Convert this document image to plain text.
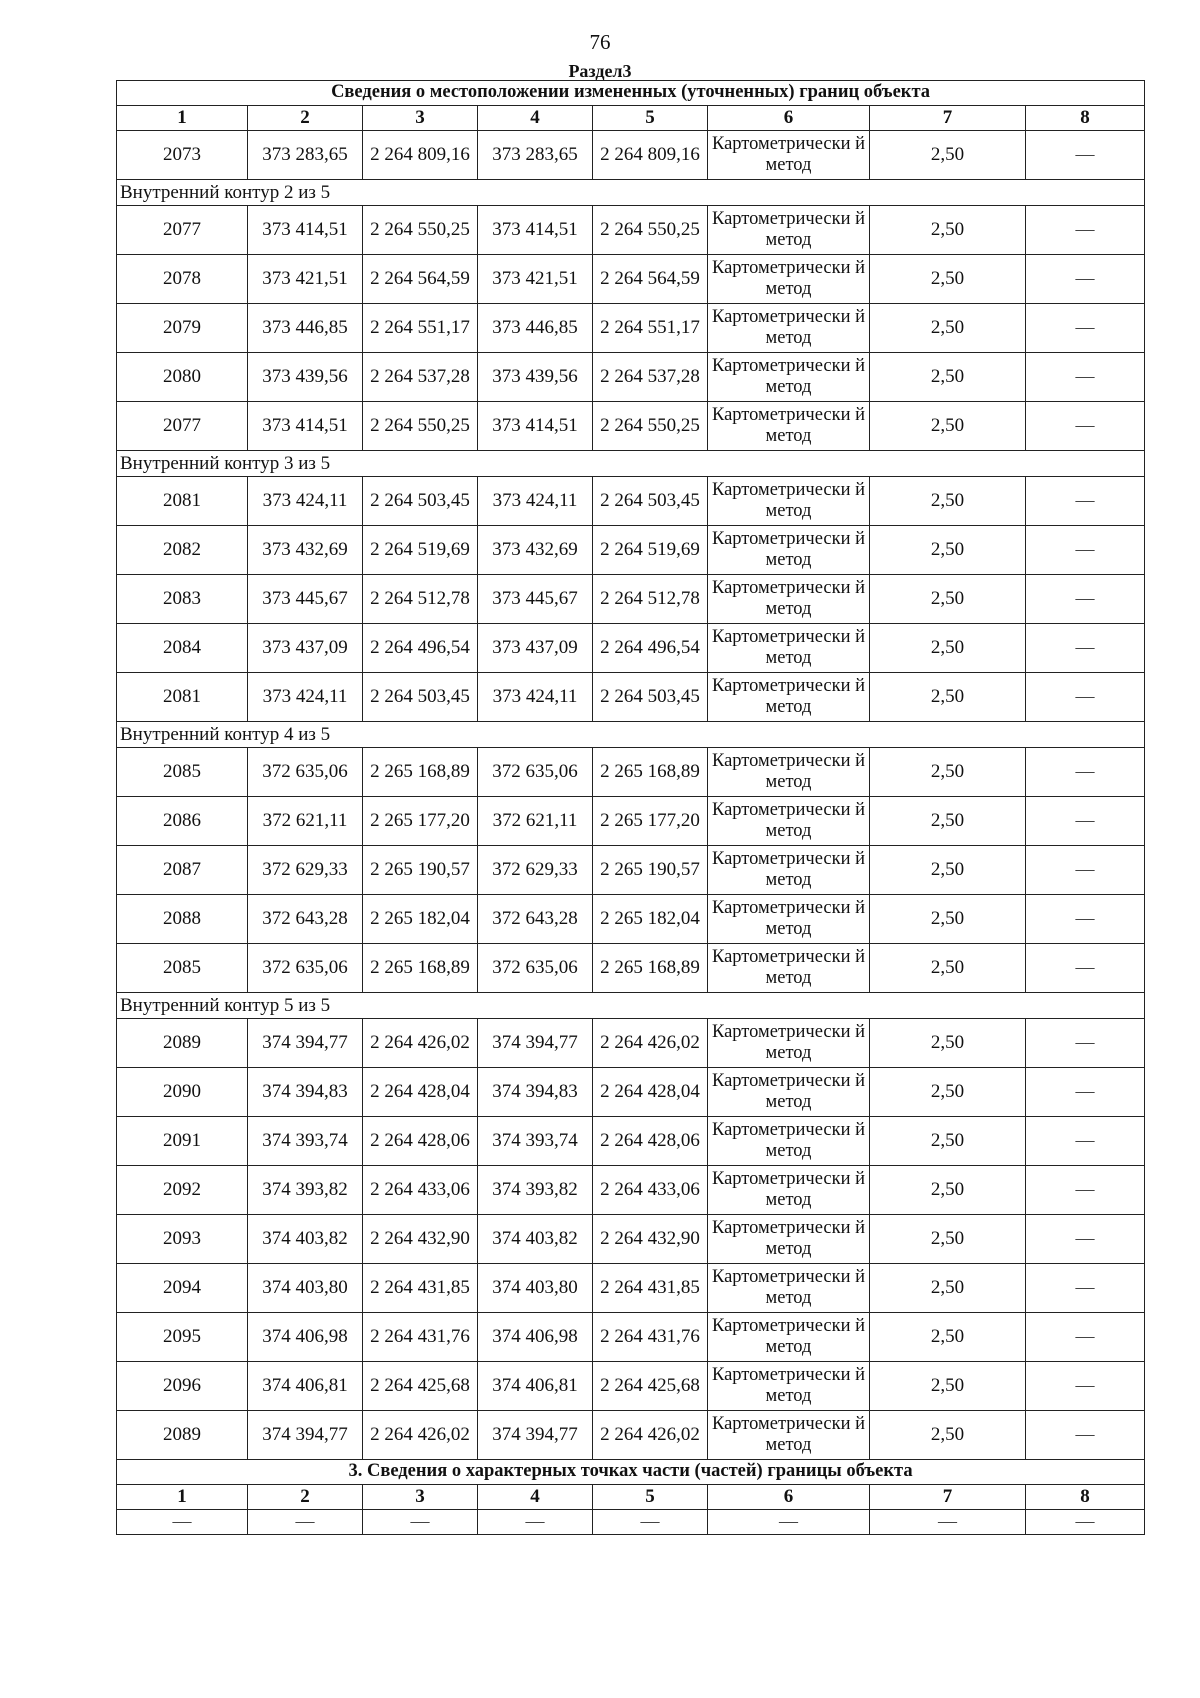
76
Раздел3
Сведения о местоположении измененных (уточненных) границ объекта							
1	2	3	4	5	6	7	8
2073	373 283,65	2 264 809,16	373 283,65	2 264 809,16	Картометрически й метод	2,50	—
Внутренний контур 2 из 5							
2077	373 414,51	2 264 550,25	373 414,51	2 264 550,25	Картометрически й метод	2,50	—
2078	373 421,51	2 264 564,59	373 421,51	2 264 564,59	Картометрически й метод	2,50	—
2079	373 446,85	2 264 551,17	373 446,85	2 264 551,17	Картометрически й метод	2,50	—
2080	373 439,56	2 264 537,28	373 439,56	2 264 537,28	Картометрически й метод	2,50	—
2077	373 414,51	2 264 550,25	373 414,51	2 264 550,25	Картометрически й метод	2,50	—
Внутренний контур 3 из 5							
2081	373 424,11	2 264 503,45	373 424,11	2 264 503,45	Картометрически й метод	2,50	—
2082	373 432,69	2 264 519,69	373 432,69	2 264 519,69	Картометрически й метод	2,50	—
2083	373 445,67	2 264 512,78	373 445,67	2 264 512,78	Картометрически й метод	2,50	—
2084	373 437,09	2 264 496,54	373 437,09	2 264 496,54	Картометрически й метод	2,50	—
2081	373 424,11	2 264 503,45	373 424,11	2 264 503,45	Картометрически й метод	2,50	—
Внутренний контур 4 из 5							
2085	372 635,06	2 265 168,89	372 635,06	2 265 168,89	Картометрически й метод	2,50	—
2086	372 621,11	2 265 177,20	372 621,11	2 265 177,20	Картометрически й метод	2,50	—
2087	372 629,33	2 265 190,57	372 629,33	2 265 190,57	Картометрически й метод	2,50	—
2088	372 643,28	2 265 182,04	372 643,28	2 265 182,04	Картометрически й метод	2,50	—
2085	372 635,06	2 265 168,89	372 635,06	2 265 168,89	Картометрически й метод	2,50	—
Внутренний контур 5 из 5							
2089	374 394,77	2 264 426,02	374 394,77	2 264 426,02	Картометрически й метод	2,50	—
2090	374 394,83	2 264 428,04	374 394,83	2 264 428,04	Картометрически й метод	2,50	—
2091	374 393,74	2 264 428,06	374 393,74	2 264 428,06	Картометрически й метод	2,50	—
2092	374 393,82	2 264 433,06	374 393,82	2 264 433,06	Картометрически й метод	2,50	—
2093	374 403,82	2 264 432,90	374 403,82	2 264 432,90	Картометрически й метод	2,50	—
2094	374 403,80	2 264 431,85	374 403,80	2 264 431,85	Картометрически й метод	2,50	—
2095	374 406,98	2 264 431,76	374 406,98	2 264 431,76	Картометрически й метод	2,50	—
2096	374 406,81	2 264 425,68	374 406,81	2 264 425,68	Картометрически й метод	2,50	—
2089	374 394,77	2 264 426,02	374 394,77	2 264 426,02	Картометрически й метод	2,50	—
3. Сведения о характерных точках части (частей) границы объекта							
1	2	3	4	5	6	7	8
—	—	—	—	—	—	—	—
